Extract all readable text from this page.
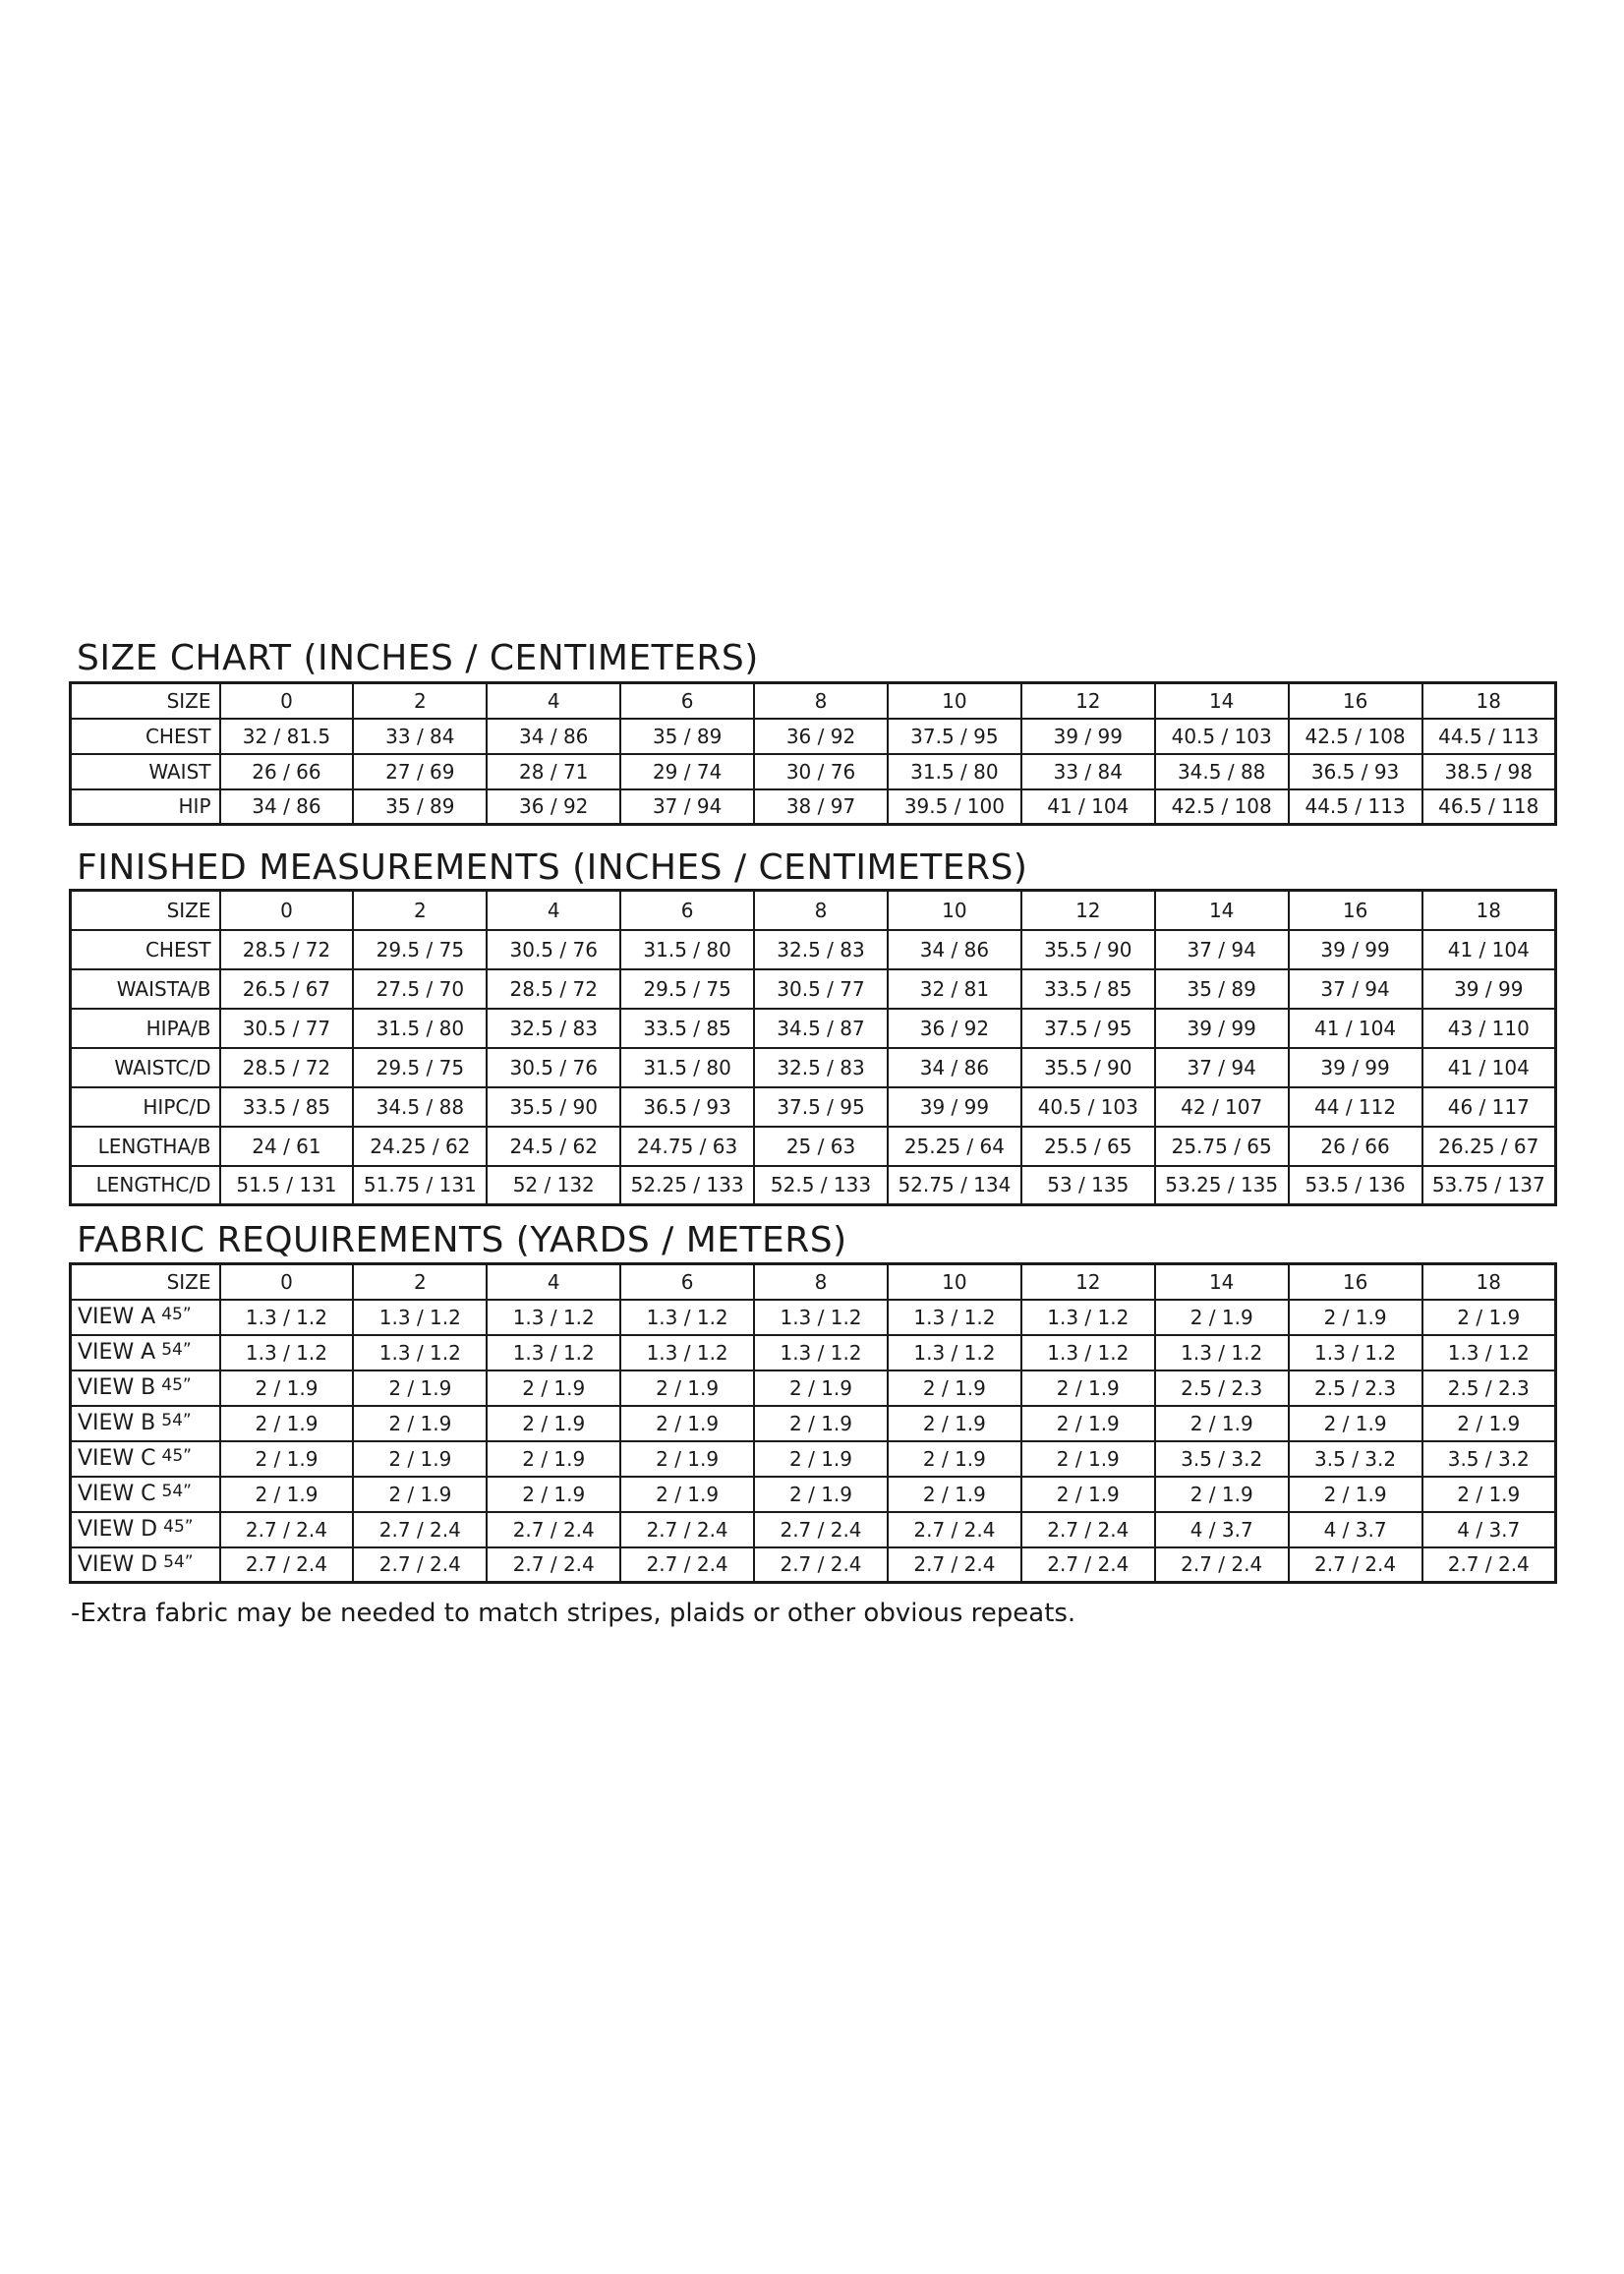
SIZE CHART (INCHES / CENTIMETERS)
SIZE	0	2	4	6	8	10	12	14	16	18
CHEST	32 / 81.5	33 / 84	34 / 86	35 / 89	36 / 92	37.5 / 95	39 / 99	40.5 / 103	42.5 / 108	44.5 / 113
WAIST	26 / 66	27 / 69	28 / 71	29 / 74	30 / 76	31.5 / 80	33 / 84	34.5 / 88	36.5 / 93	38.5 / 98
HIP	34 / 86	35 / 89	36 / 92	37 / 94	38 / 97	39.5 / 100	41 / 104	42.5 / 108	44.5 / 113	46.5 / 118
FINISHED MEASUREMENTS (INCHES / CENTIMETERS)
SIZE	0	2	4	6	8	10	12	14	16	18
CHEST	28.5 / 72	29.5 / 75	30.5 / 76	31.5 / 80	32.5 / 83	34 / 86	35.5 / 90	37 / 94	39 / 99	41 / 104
WAISTA/B	26.5 / 67	27.5 / 70	28.5 / 72	29.5 / 75	30.5 / 77	32 / 81	33.5 / 85	35 / 89	37 / 94	39 / 99
HIPA/B	30.5 / 77	31.5 / 80	32.5 / 83	33.5 / 85	34.5 / 87	36 / 92	37.5 / 95	39 / 99	41 / 104	43 / 110
WAISTC/D	28.5 / 72	29.5 / 75	30.5 / 76	31.5 / 80	32.5 / 83	34 / 86	35.5 / 90	37 / 94	39 / 99	41 / 104
HIPC/D	33.5 / 85	34.5 / 88	35.5 / 90	36.5 / 93	37.5 / 95	39 / 99	40.5 / 103	42 / 107	44 / 112	46 / 117
LENGTHA/B	24 / 61	24.25 / 62	24.5 / 62	24.75 / 63	25 / 63	25.25 / 64	25.5 / 65	25.75 / 65	26 / 66	26.25 / 67
LENGTHC/D	51.5 / 131	51.75 / 131	52 / 132	52.25 / 133	52.5 / 133	52.75 / 134	53 / 135	53.25 / 135	53.5 / 136	53.75 / 137
FABRIC REQUIREMENTS (YARDS / METERS)
SIZE	0	2	4	6	8	10	12	14	16	18
VIEW A $^{45”}$	1.3 / 1.2	1.3 / 1.2	1.3 / 1.2	1.3 / 1.2	1.3 / 1.2	1.3 / 1.2	1.3 / 1.2	2 / 1.9	2 / 1.9	2 / 1.9
VIEW A $^{54”}$	1.3 / 1.2	1.3 / 1.2	1.3 / 1.2	1.3 / 1.2	1.3 / 1.2	1.3 / 1.2	1.3 / 1.2	1.3 / 1.2	1.3 / 1.2	1.3 / 1.2
VIEW B $^{45”}$	2 / 1.9	2 / 1.9	2 / 1.9	2 / 1.9	2 / 1.9	2 / 1.9	2 / 1.9	2.5 / 2.3	2.5 / 2.3	2.5 / 2.3
VIEW B $^{54”}$	2 / 1.9	2 / 1.9	2 / 1.9	2 / 1.9	2 / 1.9	2 / 1.9	2 / 1.9	2 / 1.9	2 / 1.9	2 / 1.9
VIEW C $^{45”}$	2 / 1.9	2 / 1.9	2 / 1.9	2 / 1.9	2 / 1.9	2 / 1.9	2 / 1.9	3.5 / 3.2	3.5 / 3.2	3.5 / 3.2
VIEW C $^{54”}$	2 / 1.9	2 / 1.9	2 / 1.9	2 / 1.9	2 / 1.9	2 / 1.9	2 / 1.9	2 / 1.9	2 / 1.9	2 / 1.9
VIEW D $^{45”}$	2.7 / 2.4	2.7 / 2.4	2.7 / 2.4	2.7 / 2.4	2.7 / 2.4	2.7 / 2.4	2.7 / 2.4	4 / 3.7	4 / 3.7	4 / 3.7
VIEW D $^{54”}$	2.7 / 2.4	2.7 / 2.4	2.7 / 2.4	2.7 / 2.4	2.7 / 2.4	2.7 / 2.4	2.7 / 2.4	2.7 / 2.4	2.7 / 2.4	2.7 / 2.4

-Extra fabric may be needed to match stripes, plaids or other obvious repeats.
